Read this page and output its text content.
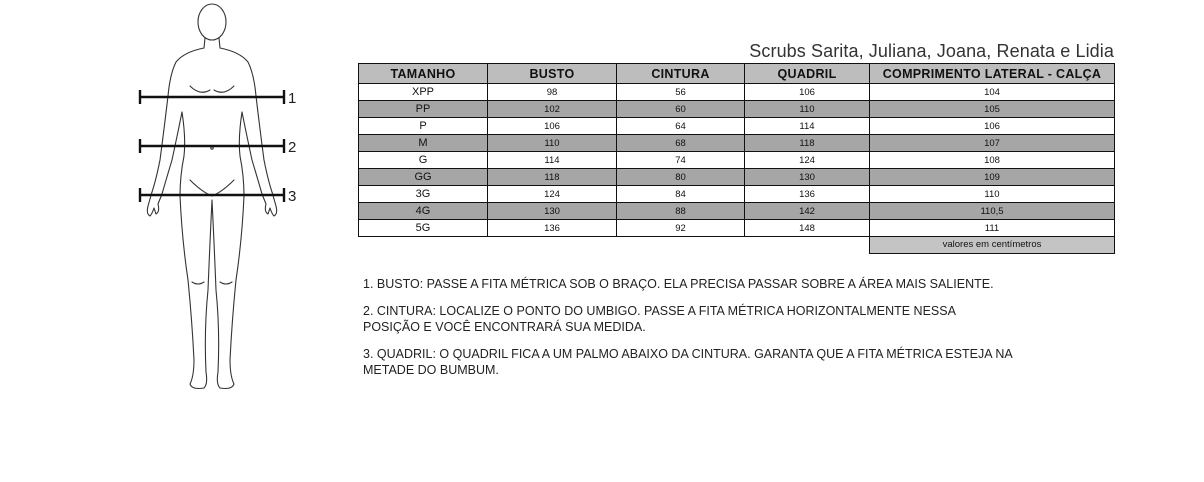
1
2
3
Scrubs Sarita, Juliana, Joana, Renata e Lidia
TAMANHO	BUSTO	CINTURA	QUADRIL	COMPRIMENTO LATERAL - CALÇA
XPP	98	56	106	104
PP	102	60	110	105
P	106	64	114	106
M	110	68	118	107
G	114	74	124	108
GG	118	80	130	109
3G	124	84	136	110
4G	130	88	142	110,5
5G	136	92	148	111
				valores em centímetros

1. BUSTO: PASSE A FITA MÉTRICA SOB O BRAÇO. ELA PRECISA PASSAR SOBRE A ÁREA MAIS SALIENTE.

2. CINTURA: LOCALIZE O PONTO DO UMBIGO. PASSE A FITA MÉTRICA HORIZONTALMENTE NESSA POSIÇÃO E VOCÊ ENCONTRARÁ SUA MEDIDA.

3. QUADRIL: O QUADRIL FICA A UM PALMO ABAIXO DA CINTURA. GARANTA QUE A FITA MÉTRICA ESTEJA NA METADE DO BUMBUM.
